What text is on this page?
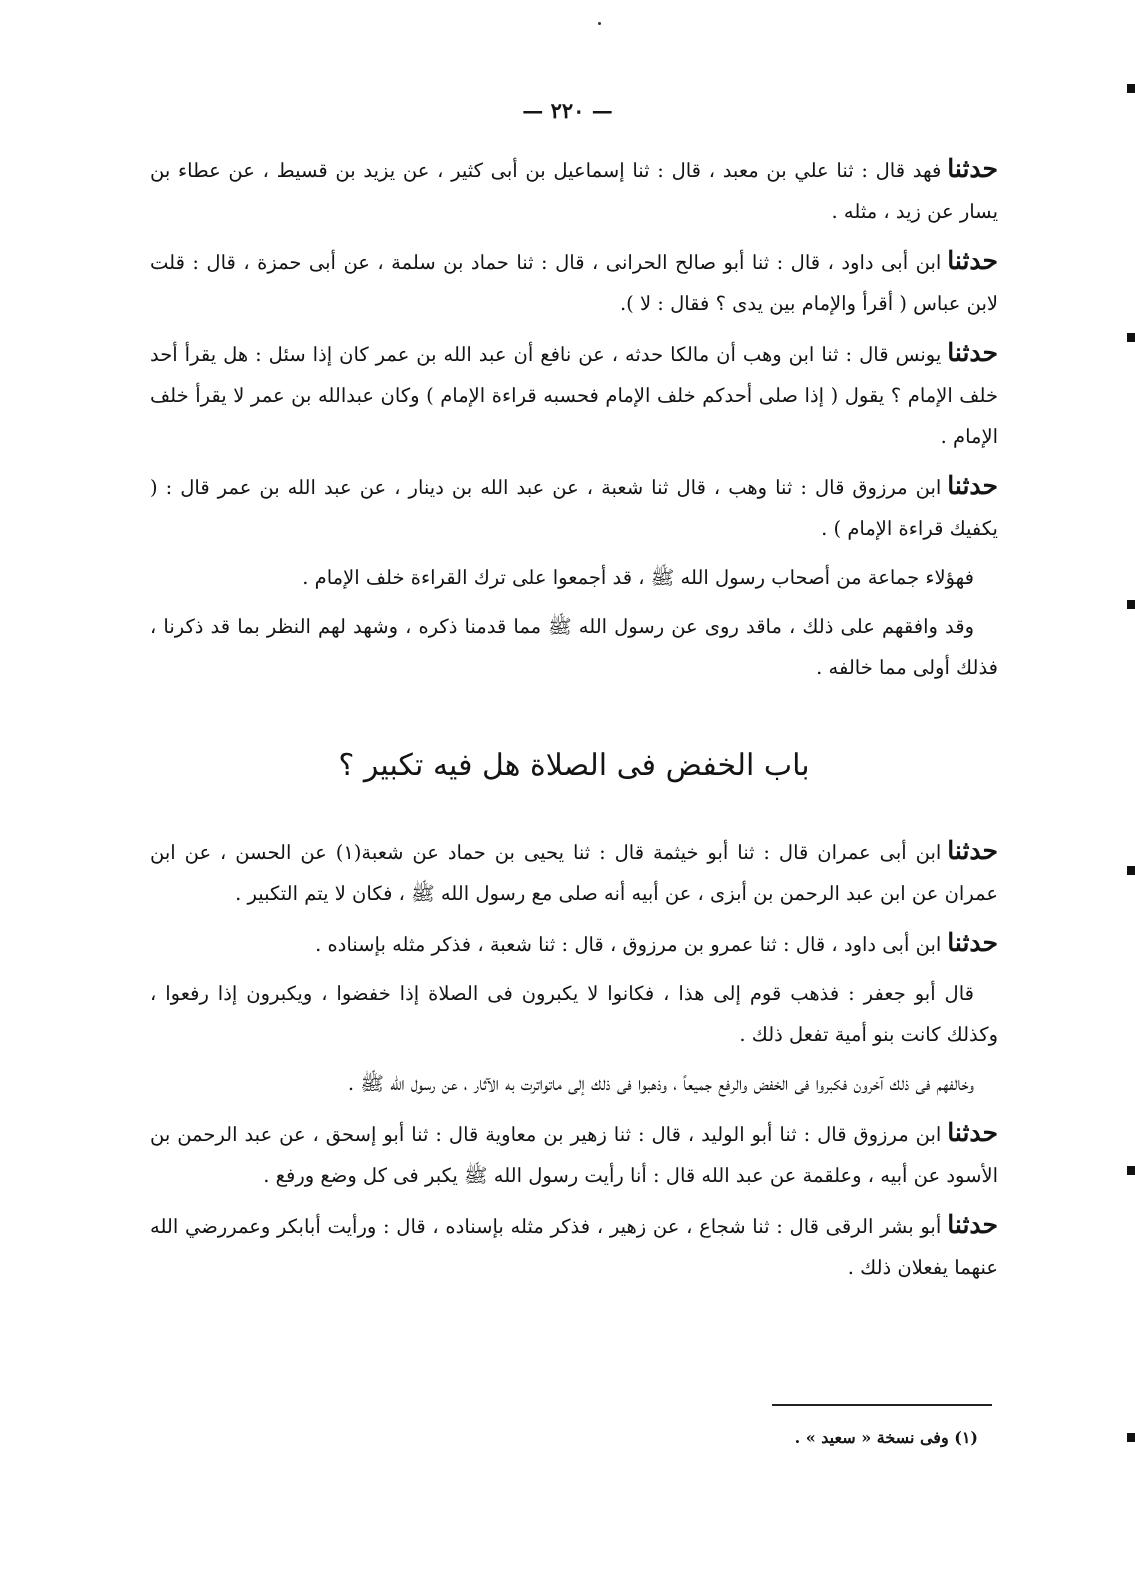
— ٢٢٠ —

حدثنافهد قال : ثنا علي بن معبد ، قال : ثنا إسماعيل بن أبى كثير ، عن يزيد بن قسيط ، عن عطاء بن يسار عن زيد ، مثله .

حدثناابن أبى داود ، قال : ثنا أبو صالح الحرانى ، قال : ثنا حماد بن سلمة ، عن أبى حمزة ، قال : قلت لابن عباس ( أقرأ والإمام بين يدى ؟ فقال : لا ).

حدثنايونس قال : ثنا ابن وهب أن مالكا حدثه ، عن نافع أن عبد الله بن عمر كان إذا سئل : هل يقرأ أحد خلف الإمام ؟ يقول ( إذا صلى أحدكم خلف الإمام فحسبه قراءة الإمام ) وكان عبدالله بن عمر لا يقرأ خلف الإمام .

حدثناابن مرزوق قال : ثنا وهب ، قال ثنا شعبة ، عن عبد الله بن دينار ، عن عبد الله بن عمر قال : ( يكفيك قراءة الإمام ) .

فهؤلاء جماعة من أصحاب رسول الله ﷺ ، قد أجمعوا على ترك القراءة خلف الإمام .

وقد وافقهم على ذلك ، ماقد روى عن رسول الله ﷺ مما قدمنا ذكره ، وشهد لهم النظر بما قد ذكرنا ، فذلك أولى مما خالفه .

باب الخفض فى الصلاة هل فيه تكبير ؟

حدثناابن أبى عمران قال : ثنا أبو خيثمة قال : ثنا يحيى بن حماد عن شعبة(١) عن الحسن ، عن ابن عمران عن ابن عبد الرحمن بن أبزى ، عن أبيه أنه صلى مع رسول الله ﷺ ، فكان لا يتم التكبير .

حدثناابن أبى داود ، قال : ثنا عمرو بن مرزوق ، قال : ثنا شعبة ، فذكر مثله بإسناده .

قال أبو جعفر : فذهب قوم إلى هذا ، فكانوا لا يكبرون فى الصلاة إذا خفضوا ، ويكبرون إذا رفعوا ، وكذلك كانت بنو أمية تفعل ذلك .

وخالفهم فى ذلك آخرون فكبروا فى الخفض والرفع جميعاً ، وذهبوا فى ذلك إلى ماتواترت به الآثار ، عن رسول الله ﷺ .

حدثناابن مرزوق قال : ثنا أبو الوليد ، قال : ثنا زهير بن معاوية قال : ثنا أبو إسحق ، عن عبد الرحمن بن الأسود عن أبيه ، وعلقمة عن عبد الله قال : أنا رأيت رسول الله ﷺ يكبر فى كل وضع ورفع .

حدثناأبو بشر الرقى قال : ثنا شجاع ، عن زهير ، فذكر مثله بإسناده ، قال : ورأيت أبابكر وعمررضي الله عنهما يفعلان ذلك .

(١) وفى نسخة « سعيد » .
